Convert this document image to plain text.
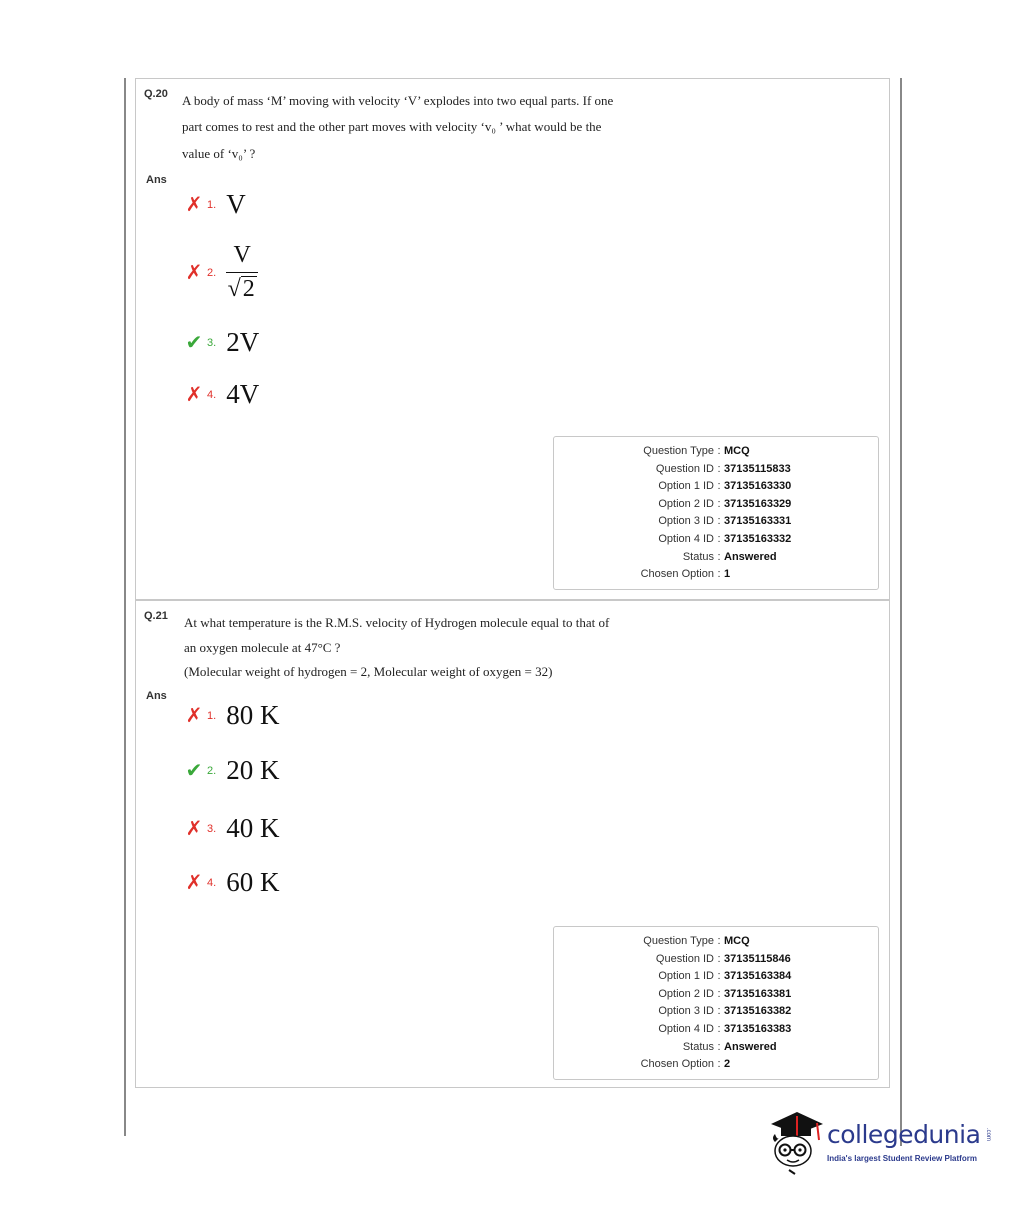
Q.20 A body of mass ‘M’ moving with velocity ‘V’ explodes into two equal parts. If one
part comes to rest and the other part moves with velocity ‘v₀ ’ what would be the
value of ‘v₀’ ?
Ans
✗ 1. V
✗ 2. $\frac{V}{√ 2}$
✔ 3. 2V
✗ 4. 4V
Question Type : MCQ
Question ID : 37135115833
Option 1 ID : 37135163330
Option 2 ID : 37135163329
Option 3 ID : 37135163331
Option 4 ID : 37135163332
Status : Answered
Chosen Option : 1
Q.21 At what temperature is the R.M.S. velocity of Hydrogen molecule equal to that of
an oxygen molecule at 47°C ?
(Molecular weight of hydrogen = 2, Molecular weight of oxygen = 32)
Ans
✗ 1. 80 K
✔ 2. 20 K
✗ 3. 40 K
✗ 4. 60 K
Question Type : MCQ
Question ID : 37135115846
Option 1 ID : 37135163384
Option 2 ID : 37135163381
Option 3 ID : 37135163382
Option 4 ID : 37135163383
Status : Answered
Chosen Option : 2
collegedunia .com
India's largest Student Review Platform
